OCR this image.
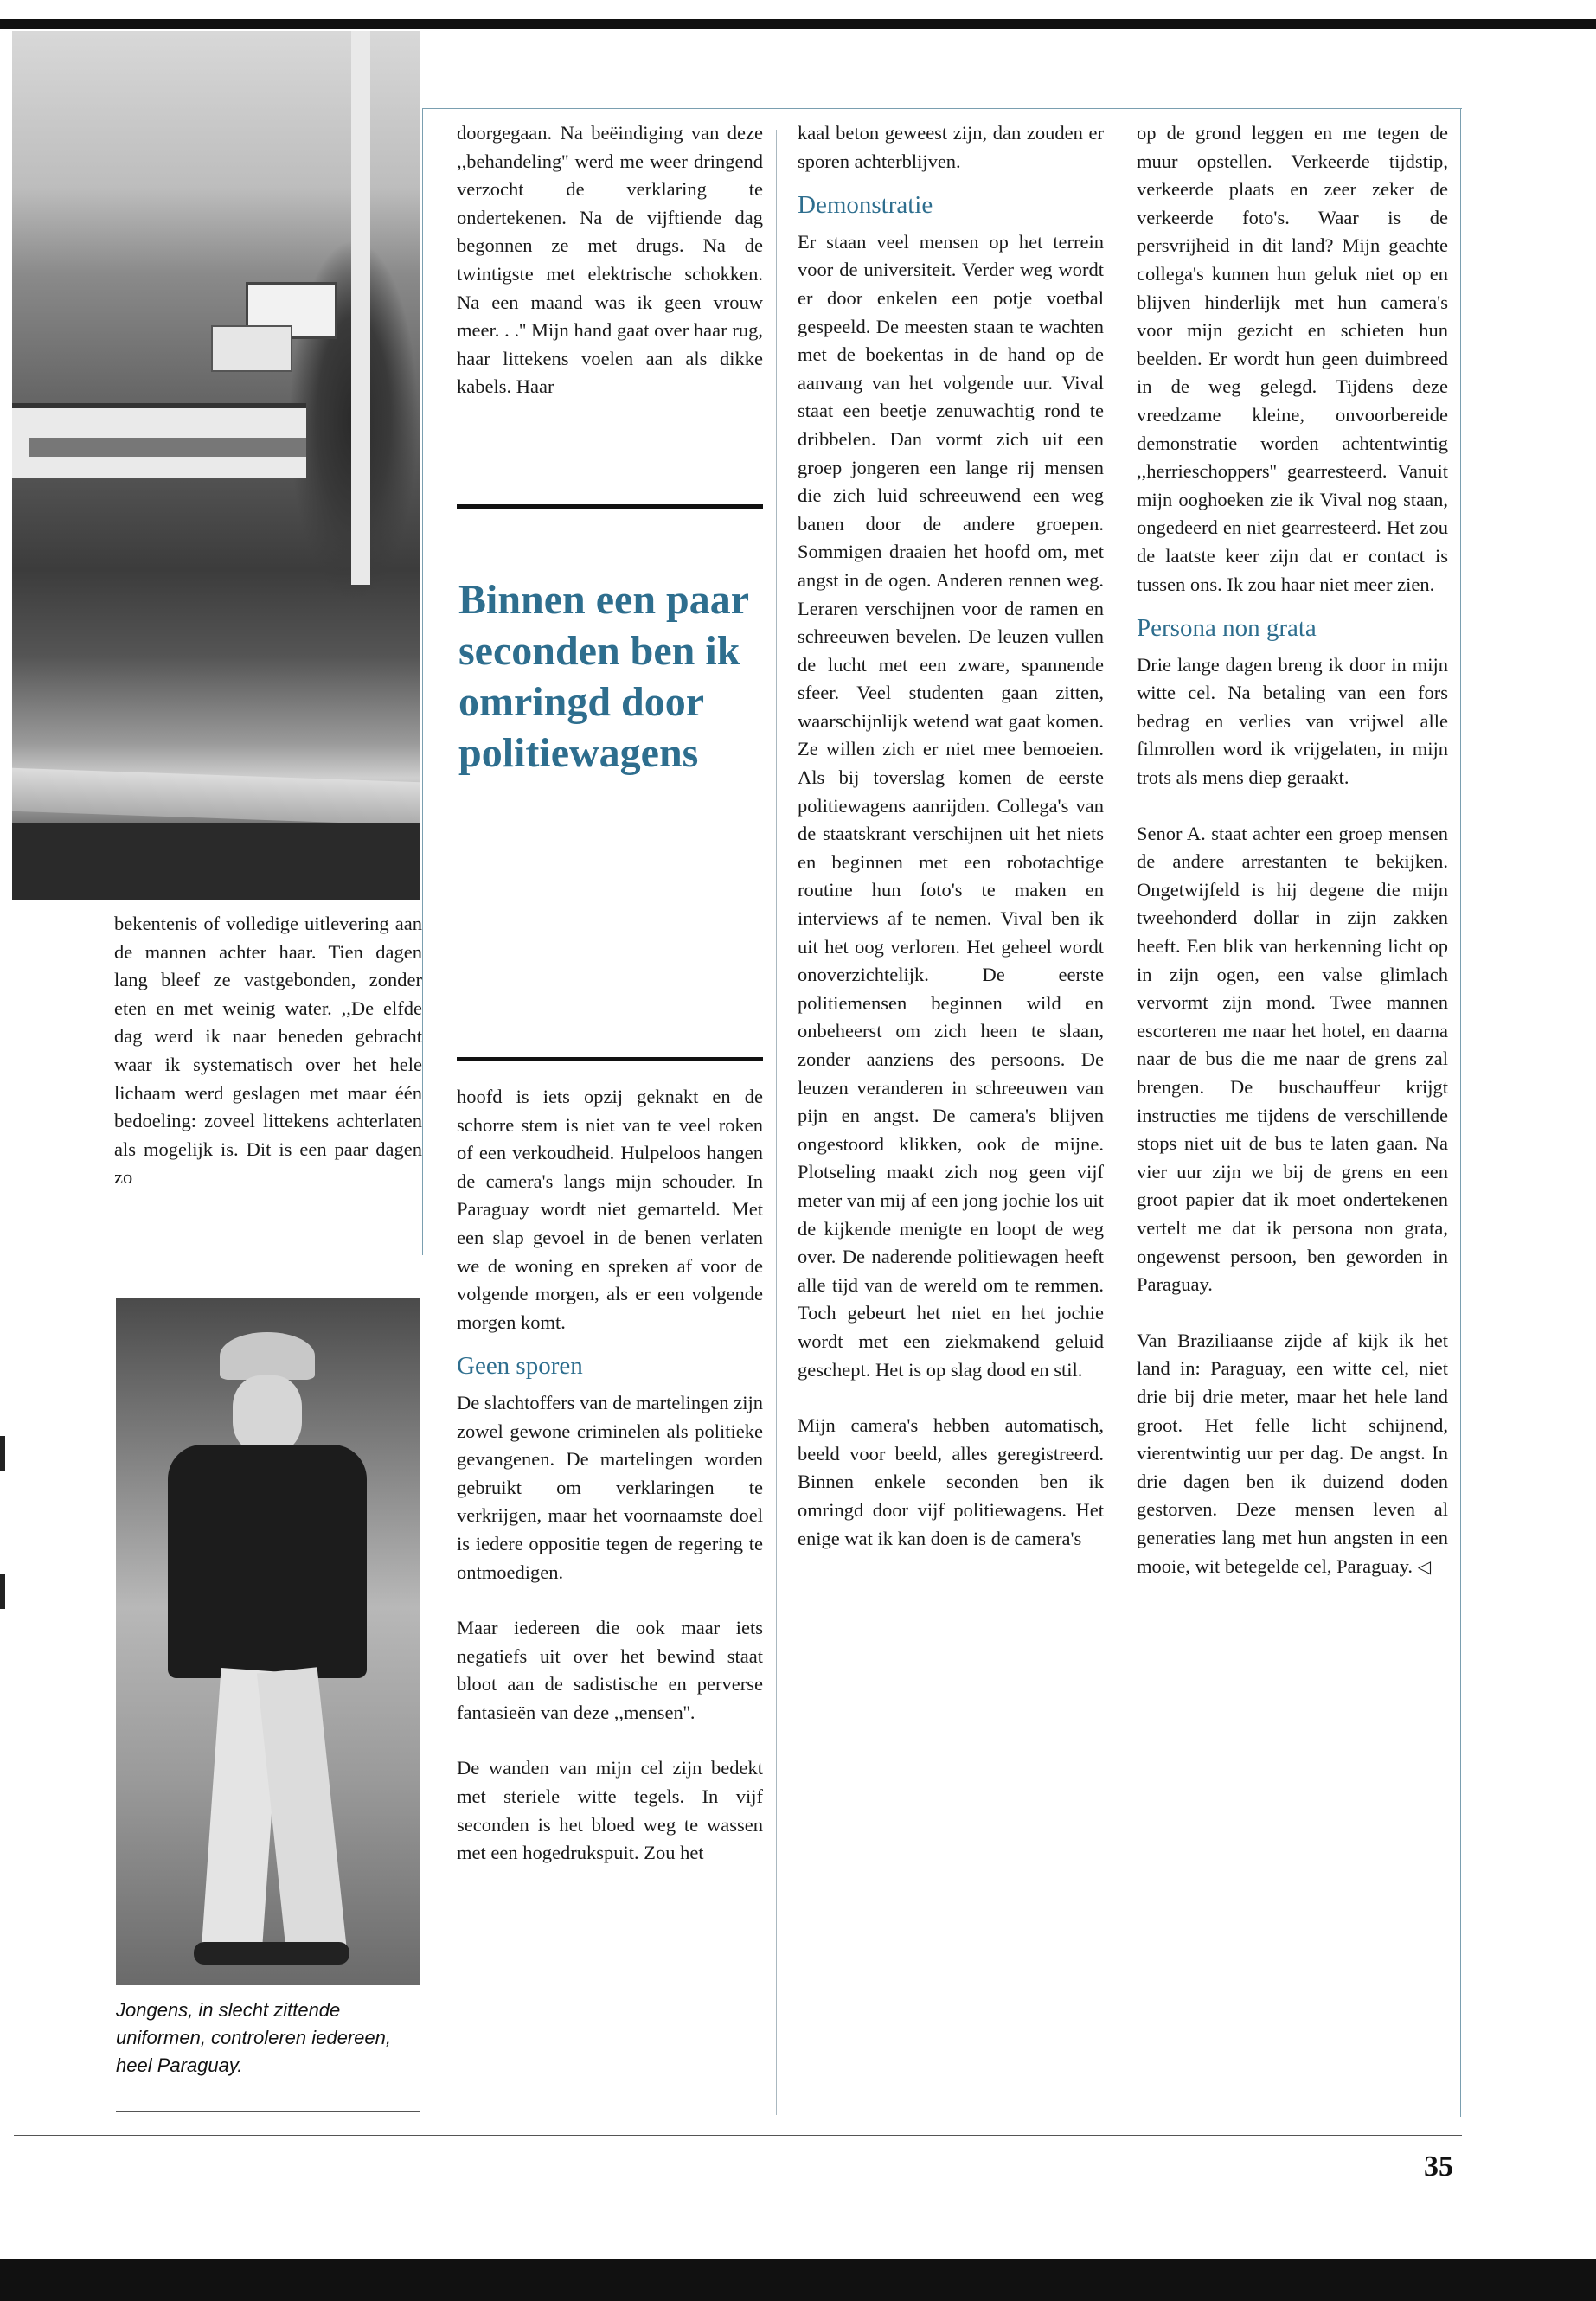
bekentenis of volledige uitlevering aan de mannen achter haar. Tien dagen lang bleef ze vastgebonden, zonder eten en met weinig water. ,,De elfde dag werd ik naar beneden gebracht waar ik systematisch over het hele lichaam werd geslagen met maar één bedoeling: zoveel littekens achterlaten als mogelijk is. Dit is een paar dagen zo

Jongens, in slecht zittende uniformen, controleren iedereen, heel Paraguay.

doorgegaan. Na beëindiging van deze ,,behandeling'' werd me weer dringend verzocht de verklaring te ondertekenen. Na de vijftiende dag begonnen ze met drugs. Na de twintigste met elektrische schokken. Na een maand was ik geen vrouw meer. . .'' Mijn hand gaat over haar rug, haar littekens voelen aan als dikke kabels. Haar

Binnen een paar seconden ben ik omringd door politiewagens

hoofd is iets opzij geknakt en de schorre stem is niet van te veel roken of een verkoudheid. Hulpeloos hangen de camera's langs mijn schouder. In Paraguay wordt niet gemarteld. Met een slap gevoel in de benen verlaten we de woning en spreken af voor de volgende morgen, als er een volgende morgen komt.

Geen sporen

De slachtoffers van de martelingen zijn zowel gewone criminelen als politieke gevangenen. De martelingen worden gebruikt om verklaringen te verkrijgen, maar het voornaamste doel is iedere oppositie tegen de regering te ontmoedigen.

Maar iedereen die ook maar iets negatiefs uit over het bewind staat bloot aan de sadistische en perverse fantasieën van deze ,,mensen''.

De wanden van mijn cel zijn bedekt met steriele witte tegels. In vijf seconden is het bloed weg te wassen met een hogedrukspuit. Zou het

kaal beton geweest zijn, dan zouden er sporen achterblijven.

Demonstratie

Er staan veel mensen op het terrein voor de universiteit. Verder weg wordt er door enkelen een potje voetbal gespeeld. De meesten staan te wachten met de boekentas in de hand op de aanvang van het volgende uur. Vival staat een beetje zenuwachtig rond te dribbelen. Dan vormt zich uit een groep jongeren een lange rij mensen die zich luid schreeuwend een weg banen door de andere groepen. Sommigen draaien het hoofd om, met angst in de ogen. Anderen rennen weg. Leraren verschijnen voor de ramen en schreeuwen bevelen. De leuzen vullen de lucht met een zware, spannende sfeer. Veel studenten gaan zitten, waarschijnlijk wetend wat gaat komen. Ze willen zich er niet mee bemoeien. Als bij toverslag komen de eerste politiewagens aanrijden. Collega's van de staatskrant verschijnen uit het niets en beginnen met een robotachtige routine hun foto's te maken en interviews af te nemen. Vival ben ik uit het oog verloren. Het geheel wordt onoverzichtelijk. De eerste politiemensen beginnen wild en onbeheerst om zich heen te slaan, zonder aanziens des persoons. De leuzen veranderen in schreeuwen van pijn en angst. De camera's blijven ongestoord klikken, ook de mijne. Plotseling maakt zich nog geen vijf meter van mij af een jong jochie los uit de kijkende menigte en loopt de weg over. De naderende politiewagen heeft alle tijd van de wereld om te remmen. Toch gebeurt het niet en het jochie wordt met een ziekmakend geluid geschept. Het is op slag dood en stil.

Mijn camera's hebben automatisch, beeld voor beeld, alles geregistreerd. Binnen enkele seconden ben ik omringd door vijf politiewagens. Het enige wat ik kan doen is de camera's

op de grond leggen en me tegen de muur opstellen. Verkeerde tijdstip, verkeerde plaats en zeer zeker de verkeerde foto's. Waar is de persvrijheid in dit land? Mijn geachte collega's kunnen hun geluk niet op en blijven hinderlijk met hun camera's voor mijn gezicht en schieten hun beelden. Er wordt hun geen duimbreed in de weg gelegd. Tijdens deze vreedzame kleine, onvoorbereide demonstratie worden achtentwintig ,,herrieschoppers'' gearresteerd. Vanuit mijn ooghoeken zie ik Vival nog staan, ongedeerd en niet gearresteerd. Het zou de laatste keer zijn dat er contact is tussen ons. Ik zou haar niet meer zien.

Persona non grata

Drie lange dagen breng ik door in mijn witte cel. Na betaling van een fors bedrag en verlies van vrijwel alle filmrollen word ik vrijgelaten, in mijn trots als mens diep geraakt.

Senor A. staat achter een groep mensen de andere arrestanten te bekijken. Ongetwijfeld is hij degene die mijn tweehonderd dollar in zijn zakken heeft. Een blik van herkenning licht op in zijn ogen, een valse glimlach vervormt zijn mond. Twee mannen escorteren me naar het hotel, en daarna naar de bus die me naar de grens zal brengen. De buschauffeur krijgt instructies me tijdens de verschillende stops niet uit de bus te laten gaan. Na vier uur zijn we bij de grens en een groot papier dat ik moet ondertekenen vertelt me dat ik persona non grata, ongewenst persoon, ben geworden in Paraguay.

Van Braziliaanse zijde af kijk ik het land in: Paraguay, een witte cel, niet drie bij drie meter, maar het hele land groot. Het felle licht schijnend, vierentwintig uur per dag. De angst. In drie dagen ben ik duizend doden gestorven. Deze mensen leven al generaties lang met hun angsten in een mooie, wit betegelde cel, Paraguay. ◁

35
